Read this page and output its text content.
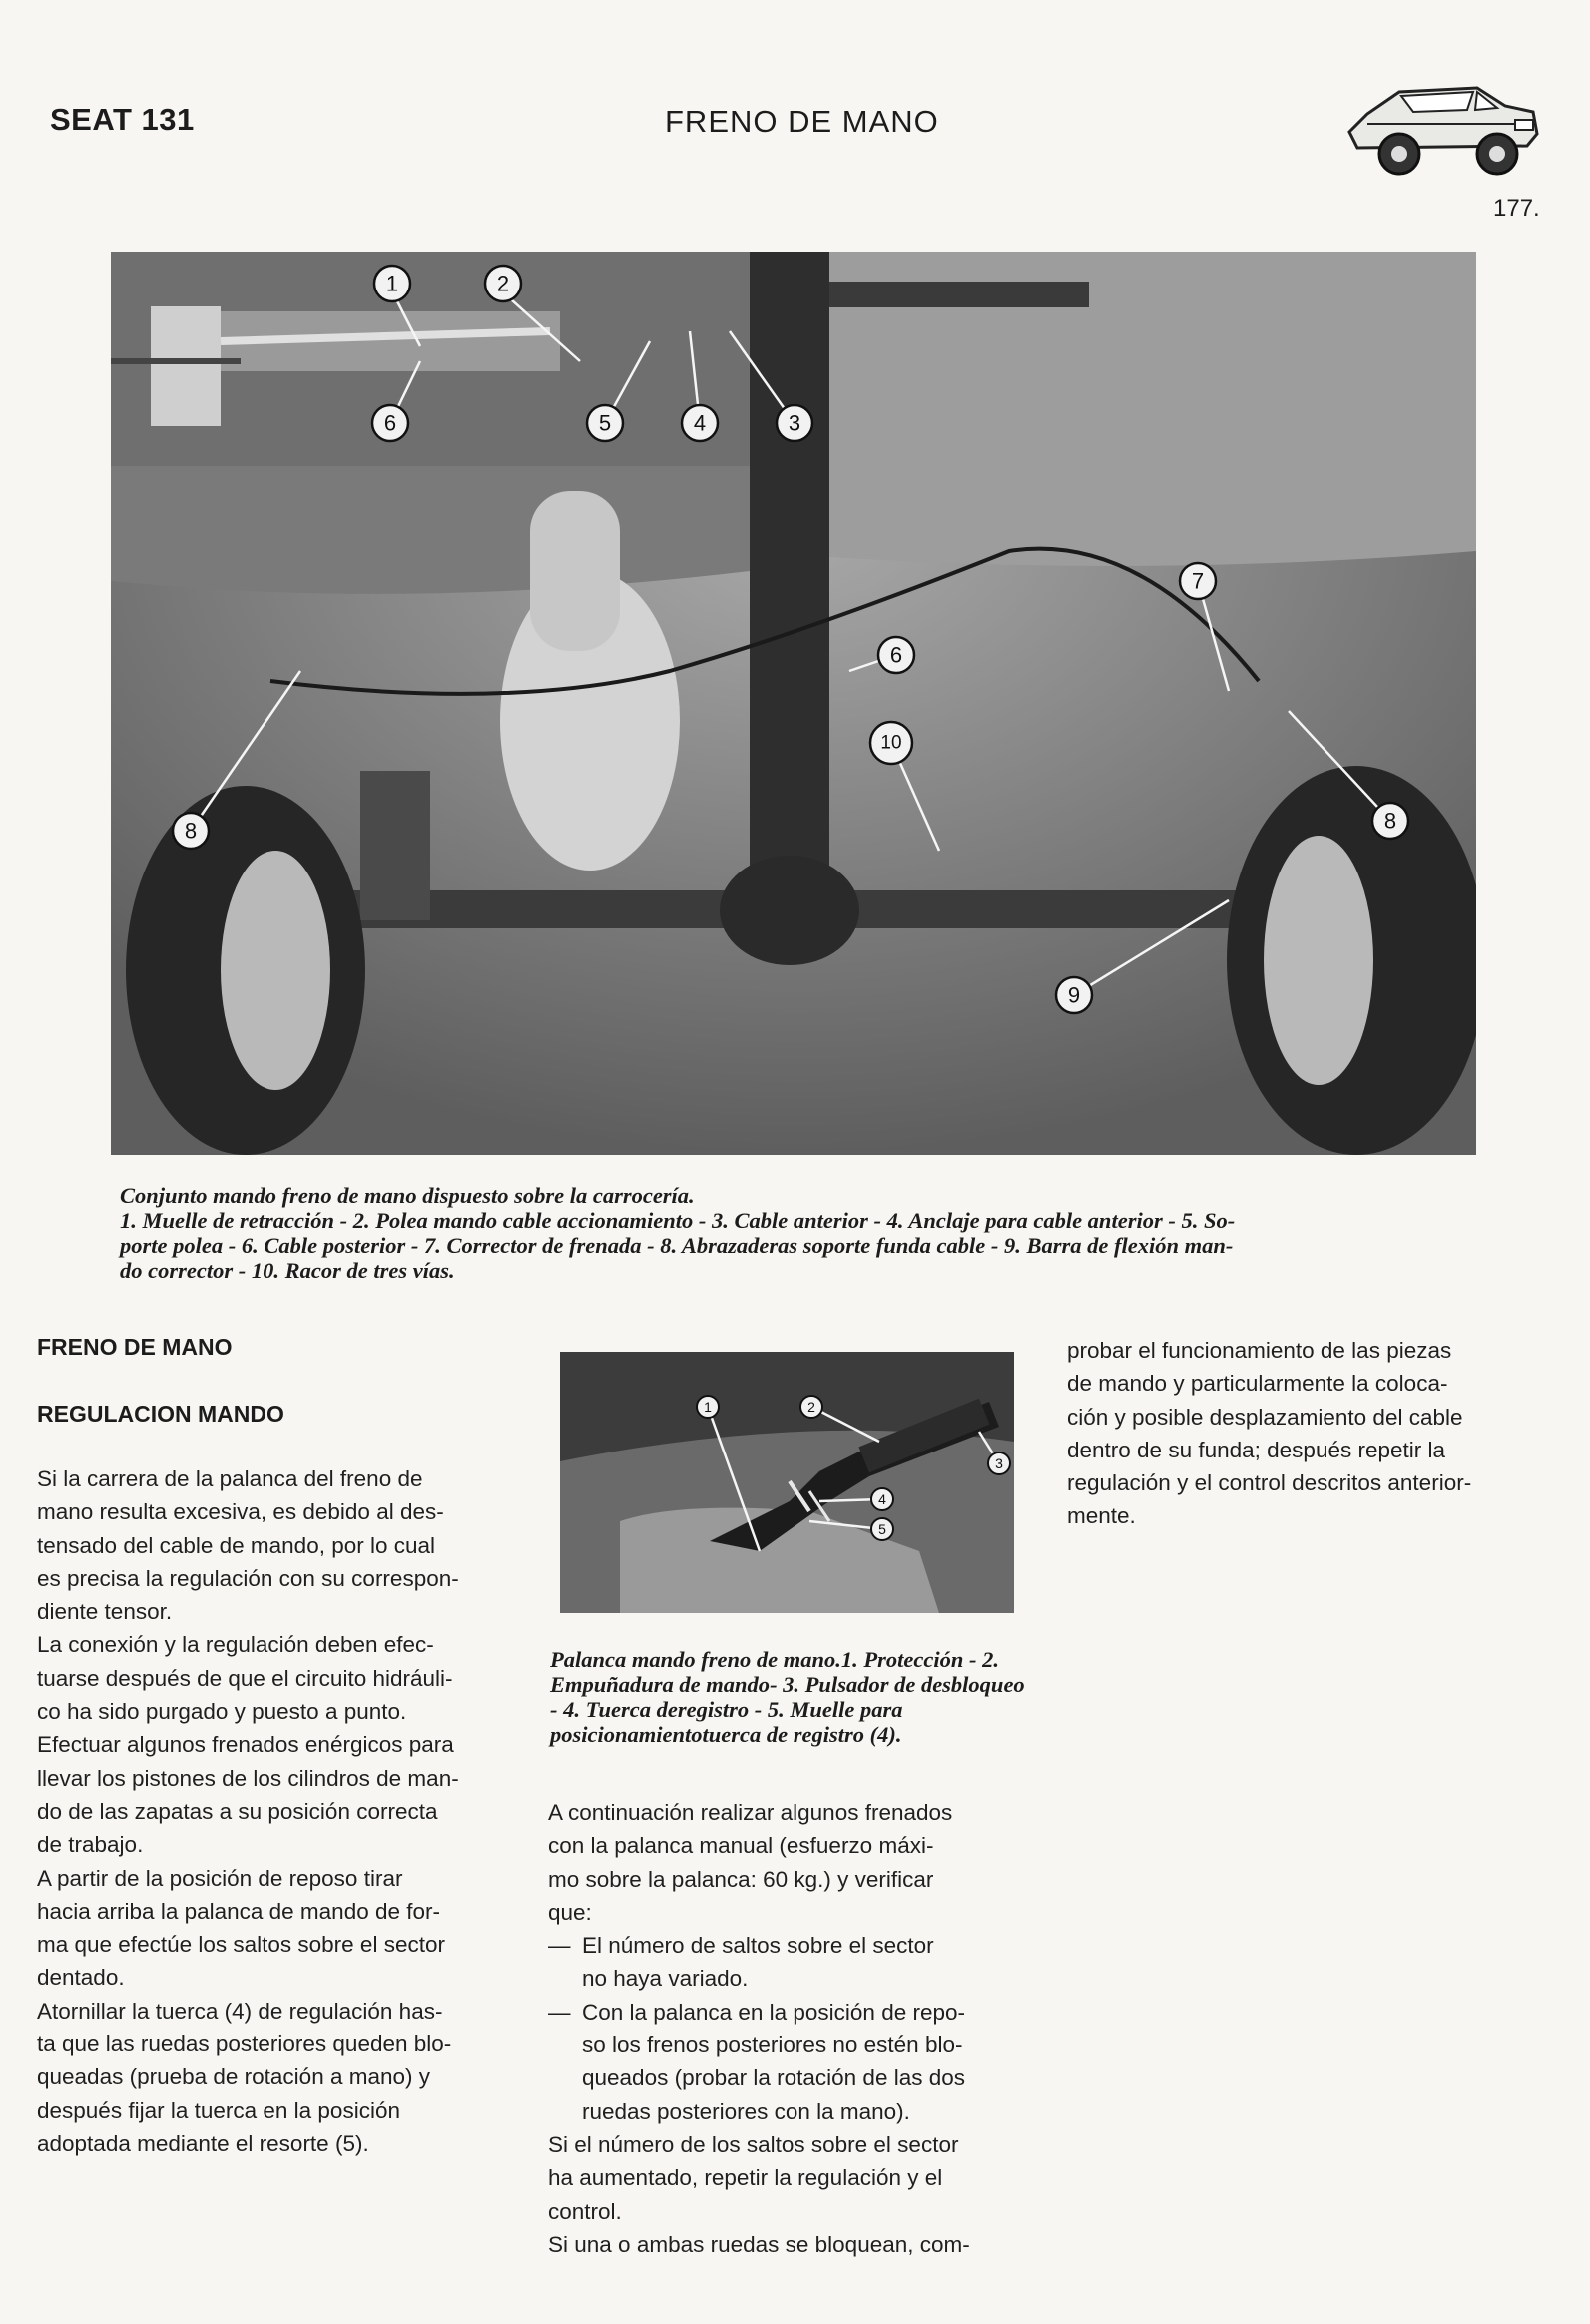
SEAT 131	FRENO DE MANO
177.
1	2
3
4
5
6
6
7
8	8
9
10
Conjunto mando freno de mano dispuesto sobre la carrocería.
1. Muelle de retracción - 2. Polea mando cable accionamiento - 3. Cable anterior - 4. Anclaje para cable anterior - 5. So-
porte polea - 6. Cable posterior - 7. Corrector de frenada - 8. Abrazaderas soporte funda cable - 9. Barra de flexión man-
do corrector - 10. Racor de tres vías.
FRENO DE MANO
REGULACION MANDO
Si la carrera de la palanca del freno de
mano resulta excesiva, es debido al des-
tensado del cable de mando, por lo cual
es precisa la regulación con su correspon-
diente tensor.
La conexión y la regulación deben efec-
tuarse después de que el circuito hidráuli-
co ha sido purgado y puesto a punto.
Efectuar algunos frenados enérgicos para
llevar los pistones de los cilindros de man-
do de las zapatas a su posición correcta
de trabajo.
A partir de la posición de reposo tirar
hacia arriba la palanca de mando de for-
ma que efectúe los saltos sobre el sector
dentado.
Atornillar la tuerca (4) de regulación has-
ta que las ruedas posteriores queden blo-
queadas (prueba de rotación a mano) y
después fijar la tuerca en la posición
adoptada mediante el resorte (5).
1	2
3
4
5
Palanca mando freno de mano.1. Protección - 2. Empuñadura de mando- 3. Pulsador de desbloqueo - 4. Tuerca deregistro - 5. Muelle para posicionamientotuerca de registro (4).
A continuación realizar algunos frenados
con la palanca manual (esfuerzo máxi-
mo sobre la palanca: 60 kg.) y verificar
que:
— El número de saltos sobre el sector
no haya variado.
— Con la palanca en la posición de repo-
so los frenos posteriores no estén blo-
queados (probar la rotación de las dos
ruedas posteriores con la mano).
Si el número de los saltos sobre el sector
ha aumentado, repetir la regulación y el
control.
Si una o ambas ruedas se bloquean, com-
probar el funcionamiento de las piezas
de mando y particularmente la coloca-
ción y posible desplazamiento del cable
dentro de su funda; después repetir la
regulación y el control descritos anterior-
mente.
